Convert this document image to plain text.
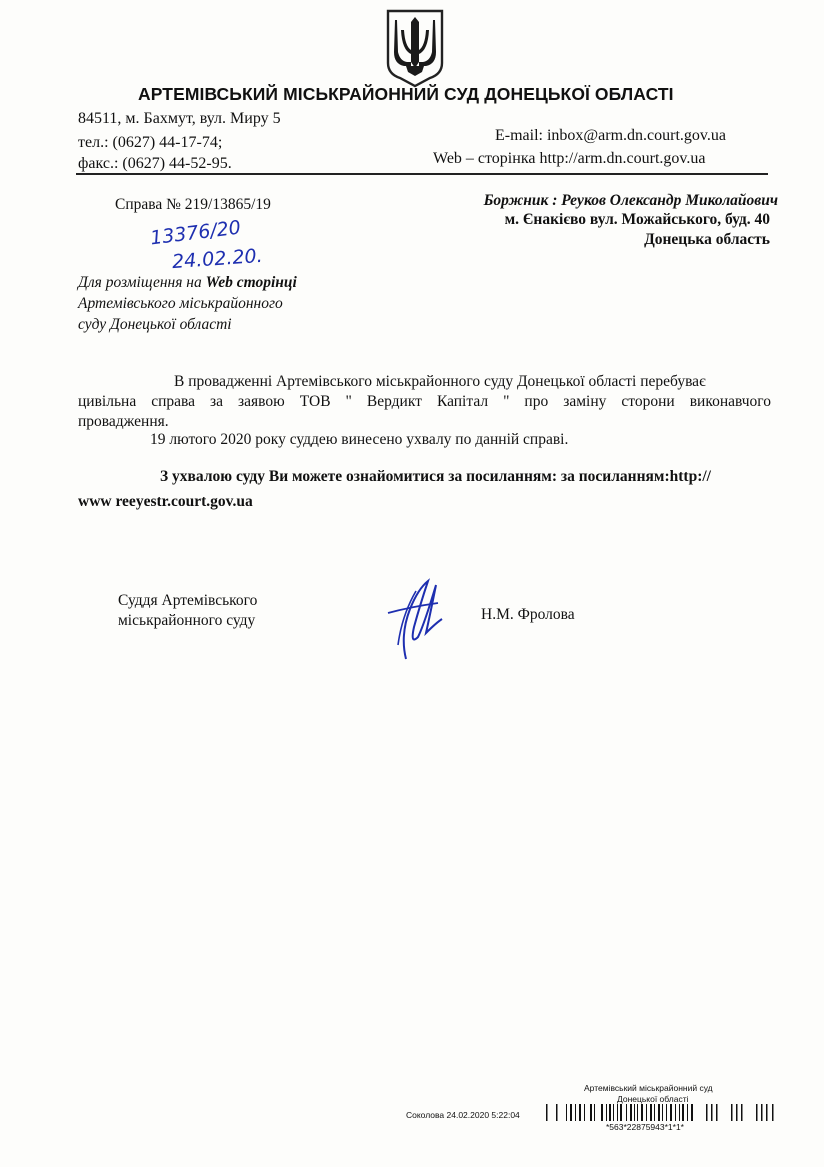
АРТЕМІВСЬКИЙ МІСЬКРАЙОННИЙ СУД ДОНЕЦЬКОЇ ОБЛАСТІ
84511, м. Бахмут, вул. Миру 5
тел.: (0627) 44-17-74;
факс.: (0627) 44-52-95.
E-mail: inbox@arm.dn.court.gov.ua
Web – сторінка http://arm.dn.court.gov.ua
Справа № 219/13865/19
13376/20
24.02.20.
Для розміщення на Web сторінці
Артемівського міськрайонного
суду Донецької області
Боржник : Реуков Олександр Миколайович
м. Єнакієво вул. Можайського, буд. 40
Донецька область
В провадженні Артемівського міськрайонного суду Донецької області перебуває
цивільна справа за заявою ТОВ " Вердикт Капітал " про заміну сторони виконавчого
провадження.
19 лютого 2020 року суддею винесено ухвалу по данній справі.
З ухвалою суду Ви можете ознайомитися за посиланням: за посиланням:http://
www reeyestr.court.gov.ua
Суддя Артемівського
міськрайонного суду	Н.М. Фролова
Артемівський міськрайонний суд
Донецької області
Соколова 24.02.2020 5:22:04
*563*22875943*1*1*
